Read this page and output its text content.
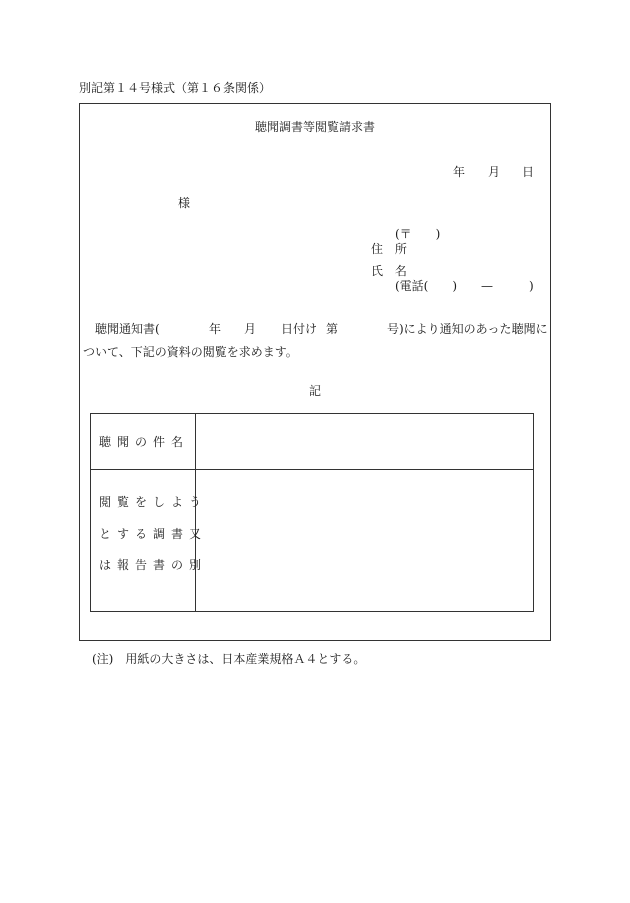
別記第１４号様式（第１６条関係）
聴聞調書等閲覧請求書
年 月 日
様
(〒　　)
住 所
氏 名
(電話(　　)　　—　　　)
聴聞通知書(	年 月 日付け 第	号)により通知のあった聴聞に
ついて、下記の資料の閲覧を求めます。
記
聴聞の件名
閲覧をしよう
とする調書又
は報告書の別
(注)　用紙の大きさは、日本産業規格Ａ４とする。
